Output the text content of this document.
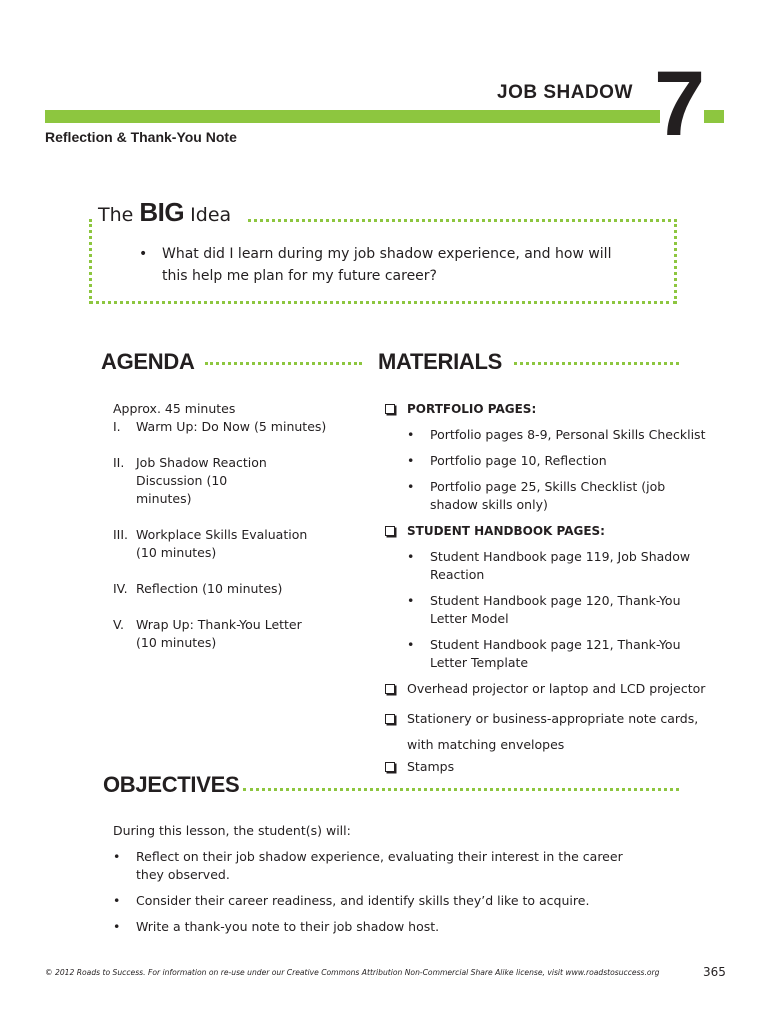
JOB SHADOW 7
Reflection & Thank-You Note
The BIG Idea
•	What did I learn during my job shadow experience, and how will this help me plan for my future career?
AGENDA	MATERIALS
Approx. 45 minutes
I. Warm Up: Do Now (5 minutes)
II. Job Shadow Reaction Discussion (10 minutes)
III. Workplace Skills Evaluation (10 minutes)
IV. Reflection (10 minutes)
V. Wrap Up: Thank-You Letter (10 minutes)
PORTFOLIO PAGES:
• Portfolio pages 8-9, Personal Skills Checklist
• Portfolio page 10, Reflection
• Portfolio page 25, Skills Checklist (job shadow skills only)
STUDENT HANDBOOK PAGES:
• Student Handbook page 119, Job Shadow Reaction
• Student Handbook page 120, Thank-You Letter Model
• Student Handbook page 121, Thank-You Letter Template
Overhead projector or laptop and LCD projector
Stationery or business-appropriate note cards, with matching envelopes
Stamps
OBJECTIVES
During this lesson, the student(s) will:
• Reflect on their job shadow experience, evaluating their interest in the career they observed.
• Consider their career readiness, and identify skills they’d like to acquire.
• Write a thank-you note to their job shadow host.
© 2012 Roads to Success. For information on re-use under our Creative Commons Attribution Non-Commercial Share Alike license, visit www.roadstosuccess.org	365
